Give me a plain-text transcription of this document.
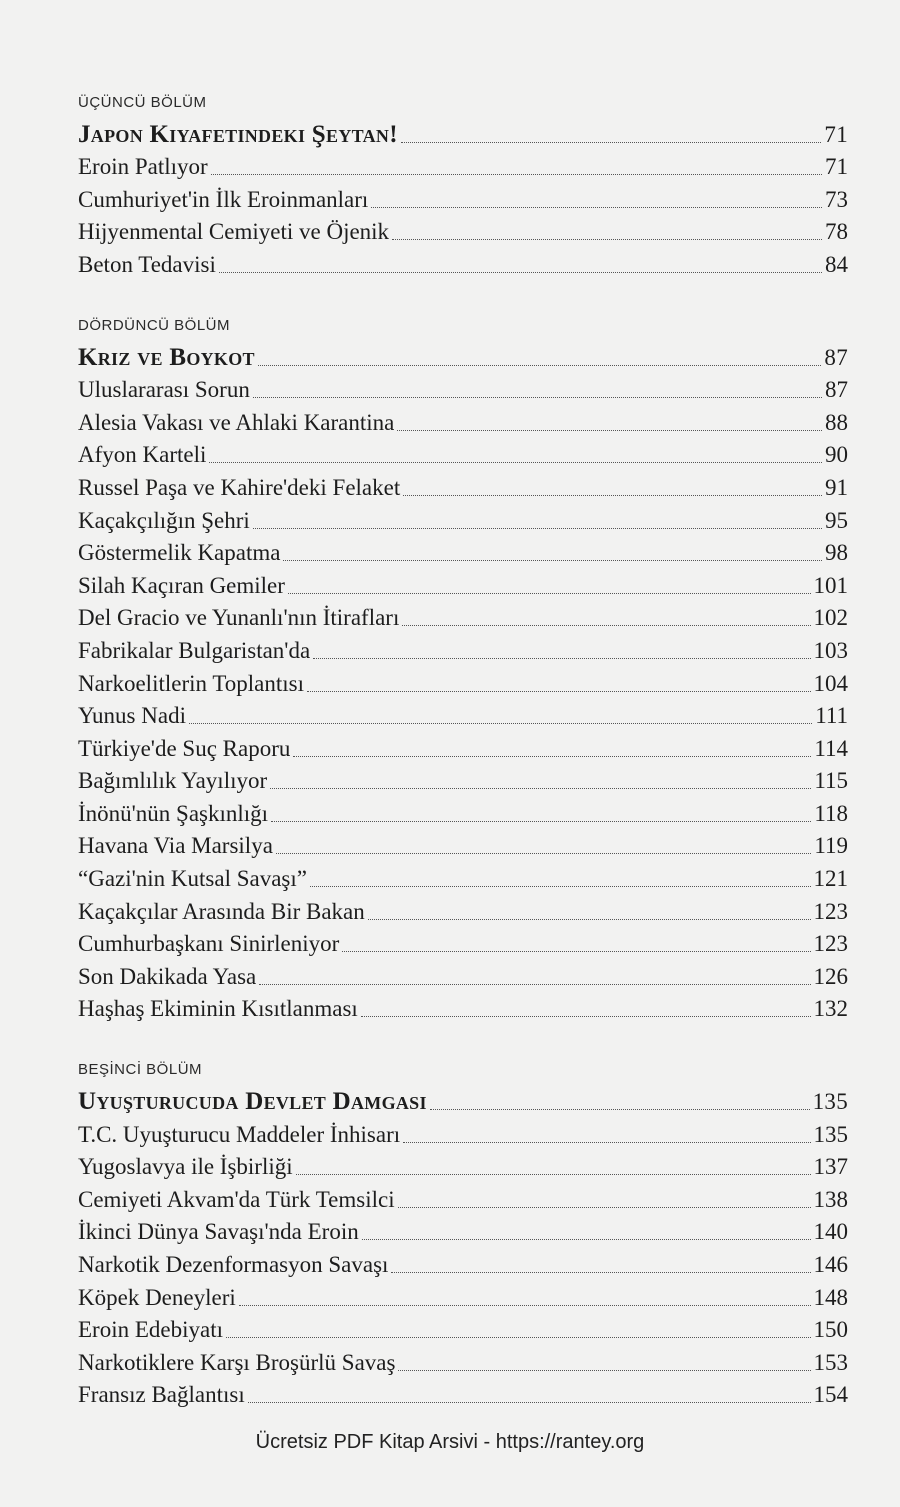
ÜÇÜNCÜ BÖLÜM
Japon Kıyafetindeki Şeytan!	71
Eroin Patlıyor	71
Cumhuriyet'in İlk Eroinmanları	73
Hijyenmental Cemiyeti ve Öjenik	78
Beton Tedavisi	84
DÖRDÜNCÜ BÖLÜM
Kriz ve Boykot	87
Uluslararası Sorun	87
Alesia Vakası ve Ahlaki Karantina	88
Afyon Karteli	90
Russel Paşa ve Kahire'deki Felaket	91
Kaçakçılığın Şehri	95
Göstermelik Kapatma	98
Silah Kaçıran Gemiler	101
Del Gracio ve Yunanlı'nın İtirafları	102
Fabrikalar Bulgaristan'da	103
Narkoelitlerin Toplantısı	104
Yunus Nadi	111
Türkiye'de Suç Raporu	114
Bağımlılık Yayılıyor	115
İnönü'nün Şaşkınlığı	118
Havana Via Marsilya	119
“Gazi'nin Kutsal Savaşı”	121
Kaçakçılar Arasında Bir Bakan	123
Cumhurbaşkanı Sinirleniyor	123
Son Dakikada Yasa	126
Haşhaş Ekiminin Kısıtlanması	132
BEŞİNCİ BÖLÜM
Uyuşturucuda Devlet Damgası	135
T.C. Uyuşturucu Maddeler İnhisarı	135
Yugoslavya ile İşbirliği	137
Cemiyeti Akvam'da Türk Temsilci	138
İkinci Dünya Savaşı'nda Eroin	140
Narkotik Dezenformasyon Savaşı	146
Köpek Deneyleri	148
Eroin Edebiyatı	150
Narkotiklere Karşı Broşürlü Savaş	153
Fransız Bağlantısı	154
Ücretsiz PDF Kitap Arsivi - https://rantey.org
